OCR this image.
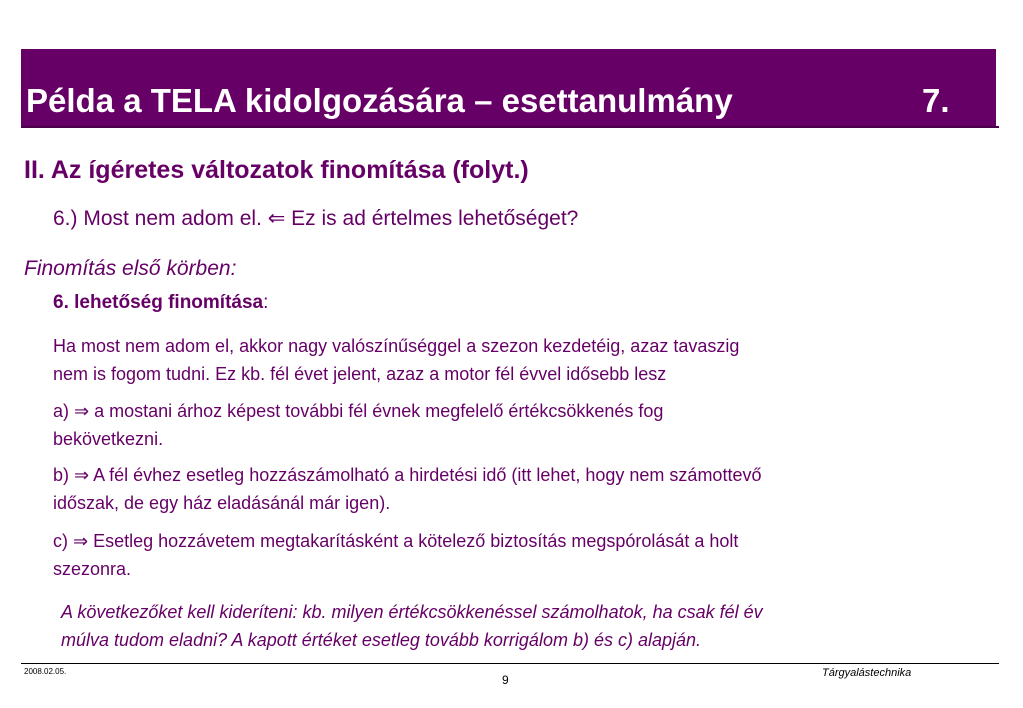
Példa a TELA kidolgozására – esettanulmány	7.
II. Az ígéretes változatok finomítása (folyt.)
6.) Most nem adom el. ⇐ Ez is ad értelmes lehetőséget?
Finomítás első körben:
6. lehetőség finomítása:
Ha most nem adom el, akkor nagy valószínűséggel a szezon kezdetéig, azaz tavaszig
nem is fogom tudni. Ez kb. fél évet jelent, azaz a motor fél évvel idősebb lesz
a) ⇒ a mostani árhoz képest további fél évnek megfelelő értékcsökkenés fog
bekövetkezni.
b) ⇒ A fél évhez esetleg hozzászámolható a hirdetési idő (itt lehet, hogy nem számottevő
időszak, de egy ház eladásánál már igen).
c) ⇒ Esetleg hozzávetem megtakarításként a kötelező biztosítás megspórolását a holt
szezonra.
A következőket kell kideríteni: kb. milyen értékcsökkenéssel számolhatok, ha csak fél év
múlva tudom eladni? A kapott értéket esetleg tovább korrigálom b) és c) alapján.
2008.02.05.
9	Tárgyalástechnika
